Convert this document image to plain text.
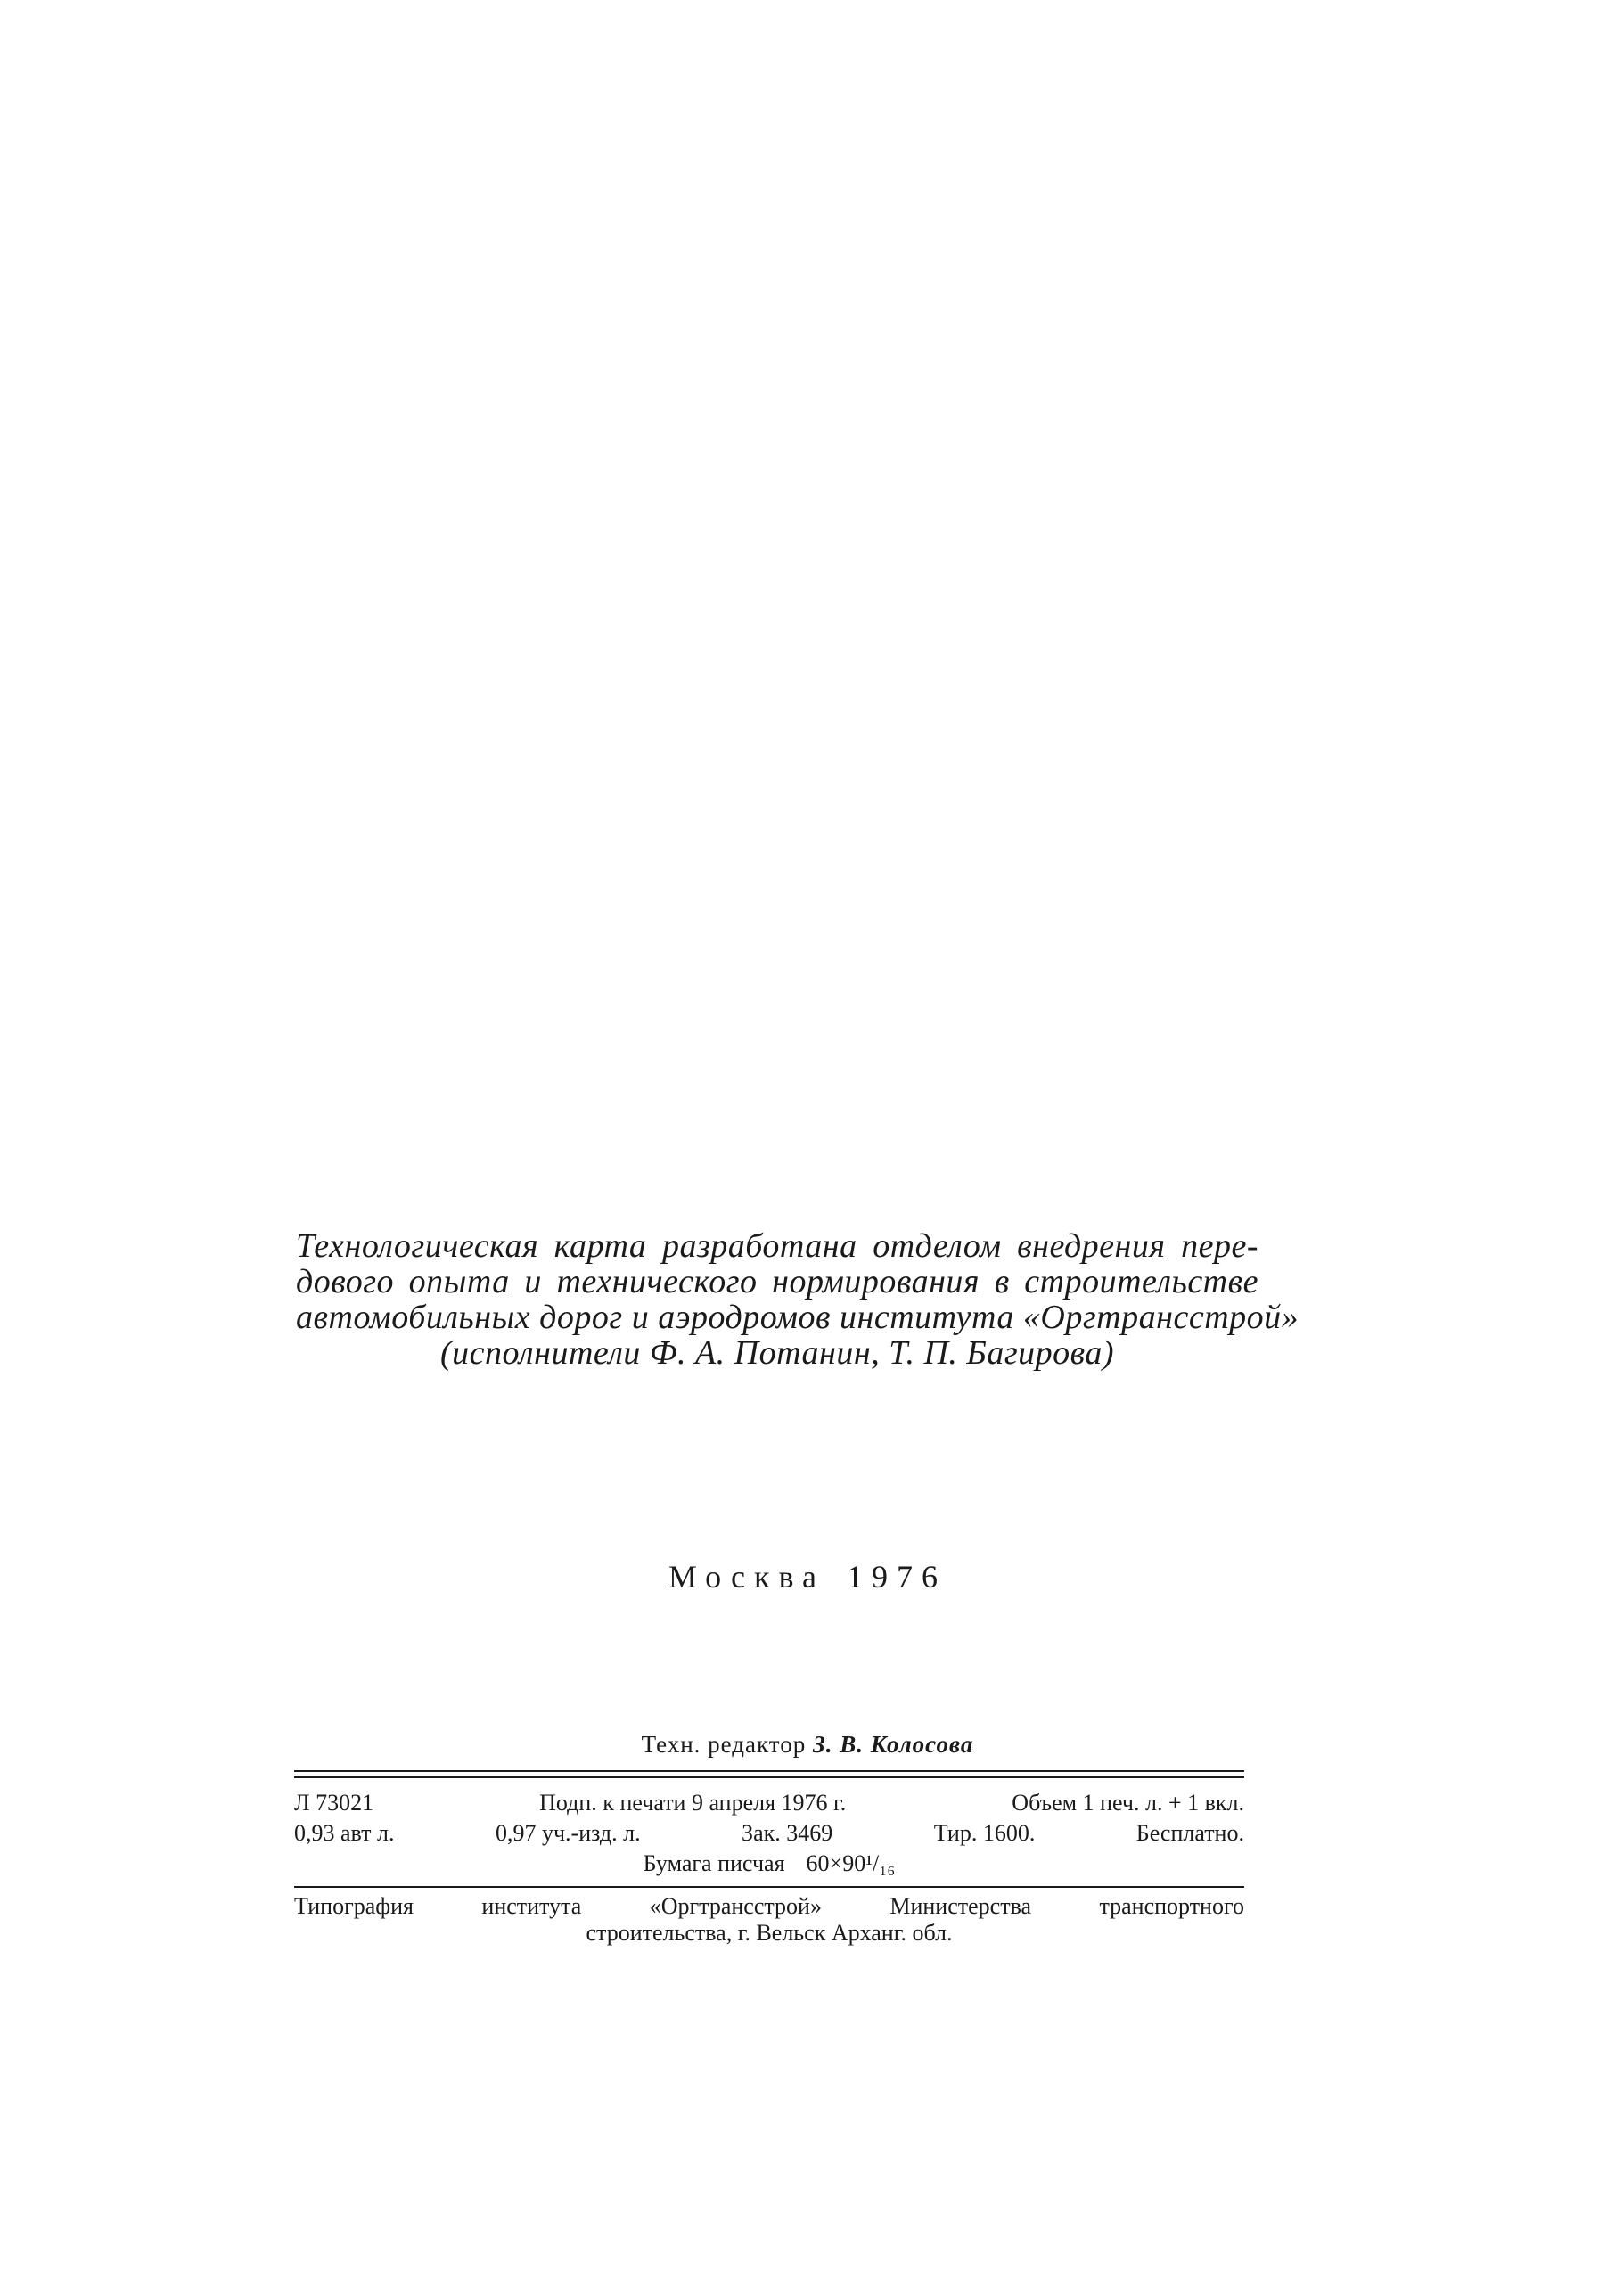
Технологическая карта разработана отделом внедрения пере-
дового опыта и технического нормирования в строительстве
автомобильных дорог и аэродромов института «Оргтрансстрой»
(исполнители Ф. А. Потанин, Т. П. Багирова)
Москва 1976
Техн. редактор З. В. Колосова
Л 73021	Подп. к печати 9 апреля 1976 г.	Объем 1 печ. л. + 1 вкл.
0,93 авт л.	0,97 уч.-изд. л.	Зак. 3469	Тир. 1600.	Бесплатно.
Бумага писчая 60×90¹/₁₆
Типография	института	«Оргтрансстрой»	Министерства	транспортного
строительства, г. Вельск Арханг. обл.
